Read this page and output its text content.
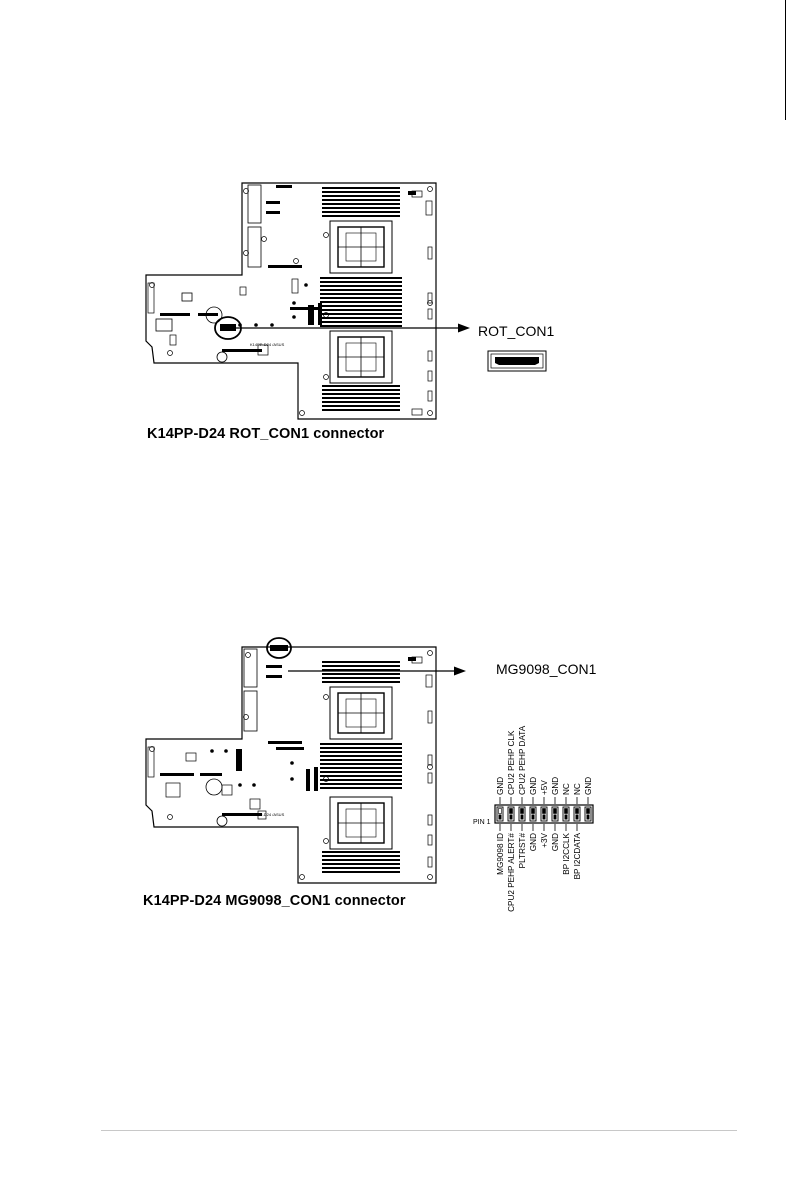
K14PP-D24 /ASUS
ROT_CON1
K14PP-D24 ROT_CON1 connector
K14PP-D24 /ASUS
MG9098_CON1
K14PP-D24 MG9098_CON1 connector
GND CPU2 PEHP CLK CPU2 PEHP DATA GND +5V GND NC NC GND
MG9098 ID CPU2 PEHP ALERT# PLTRST# GND +3V GND BP I2CCLK BP I2CDATA
PIN 1
